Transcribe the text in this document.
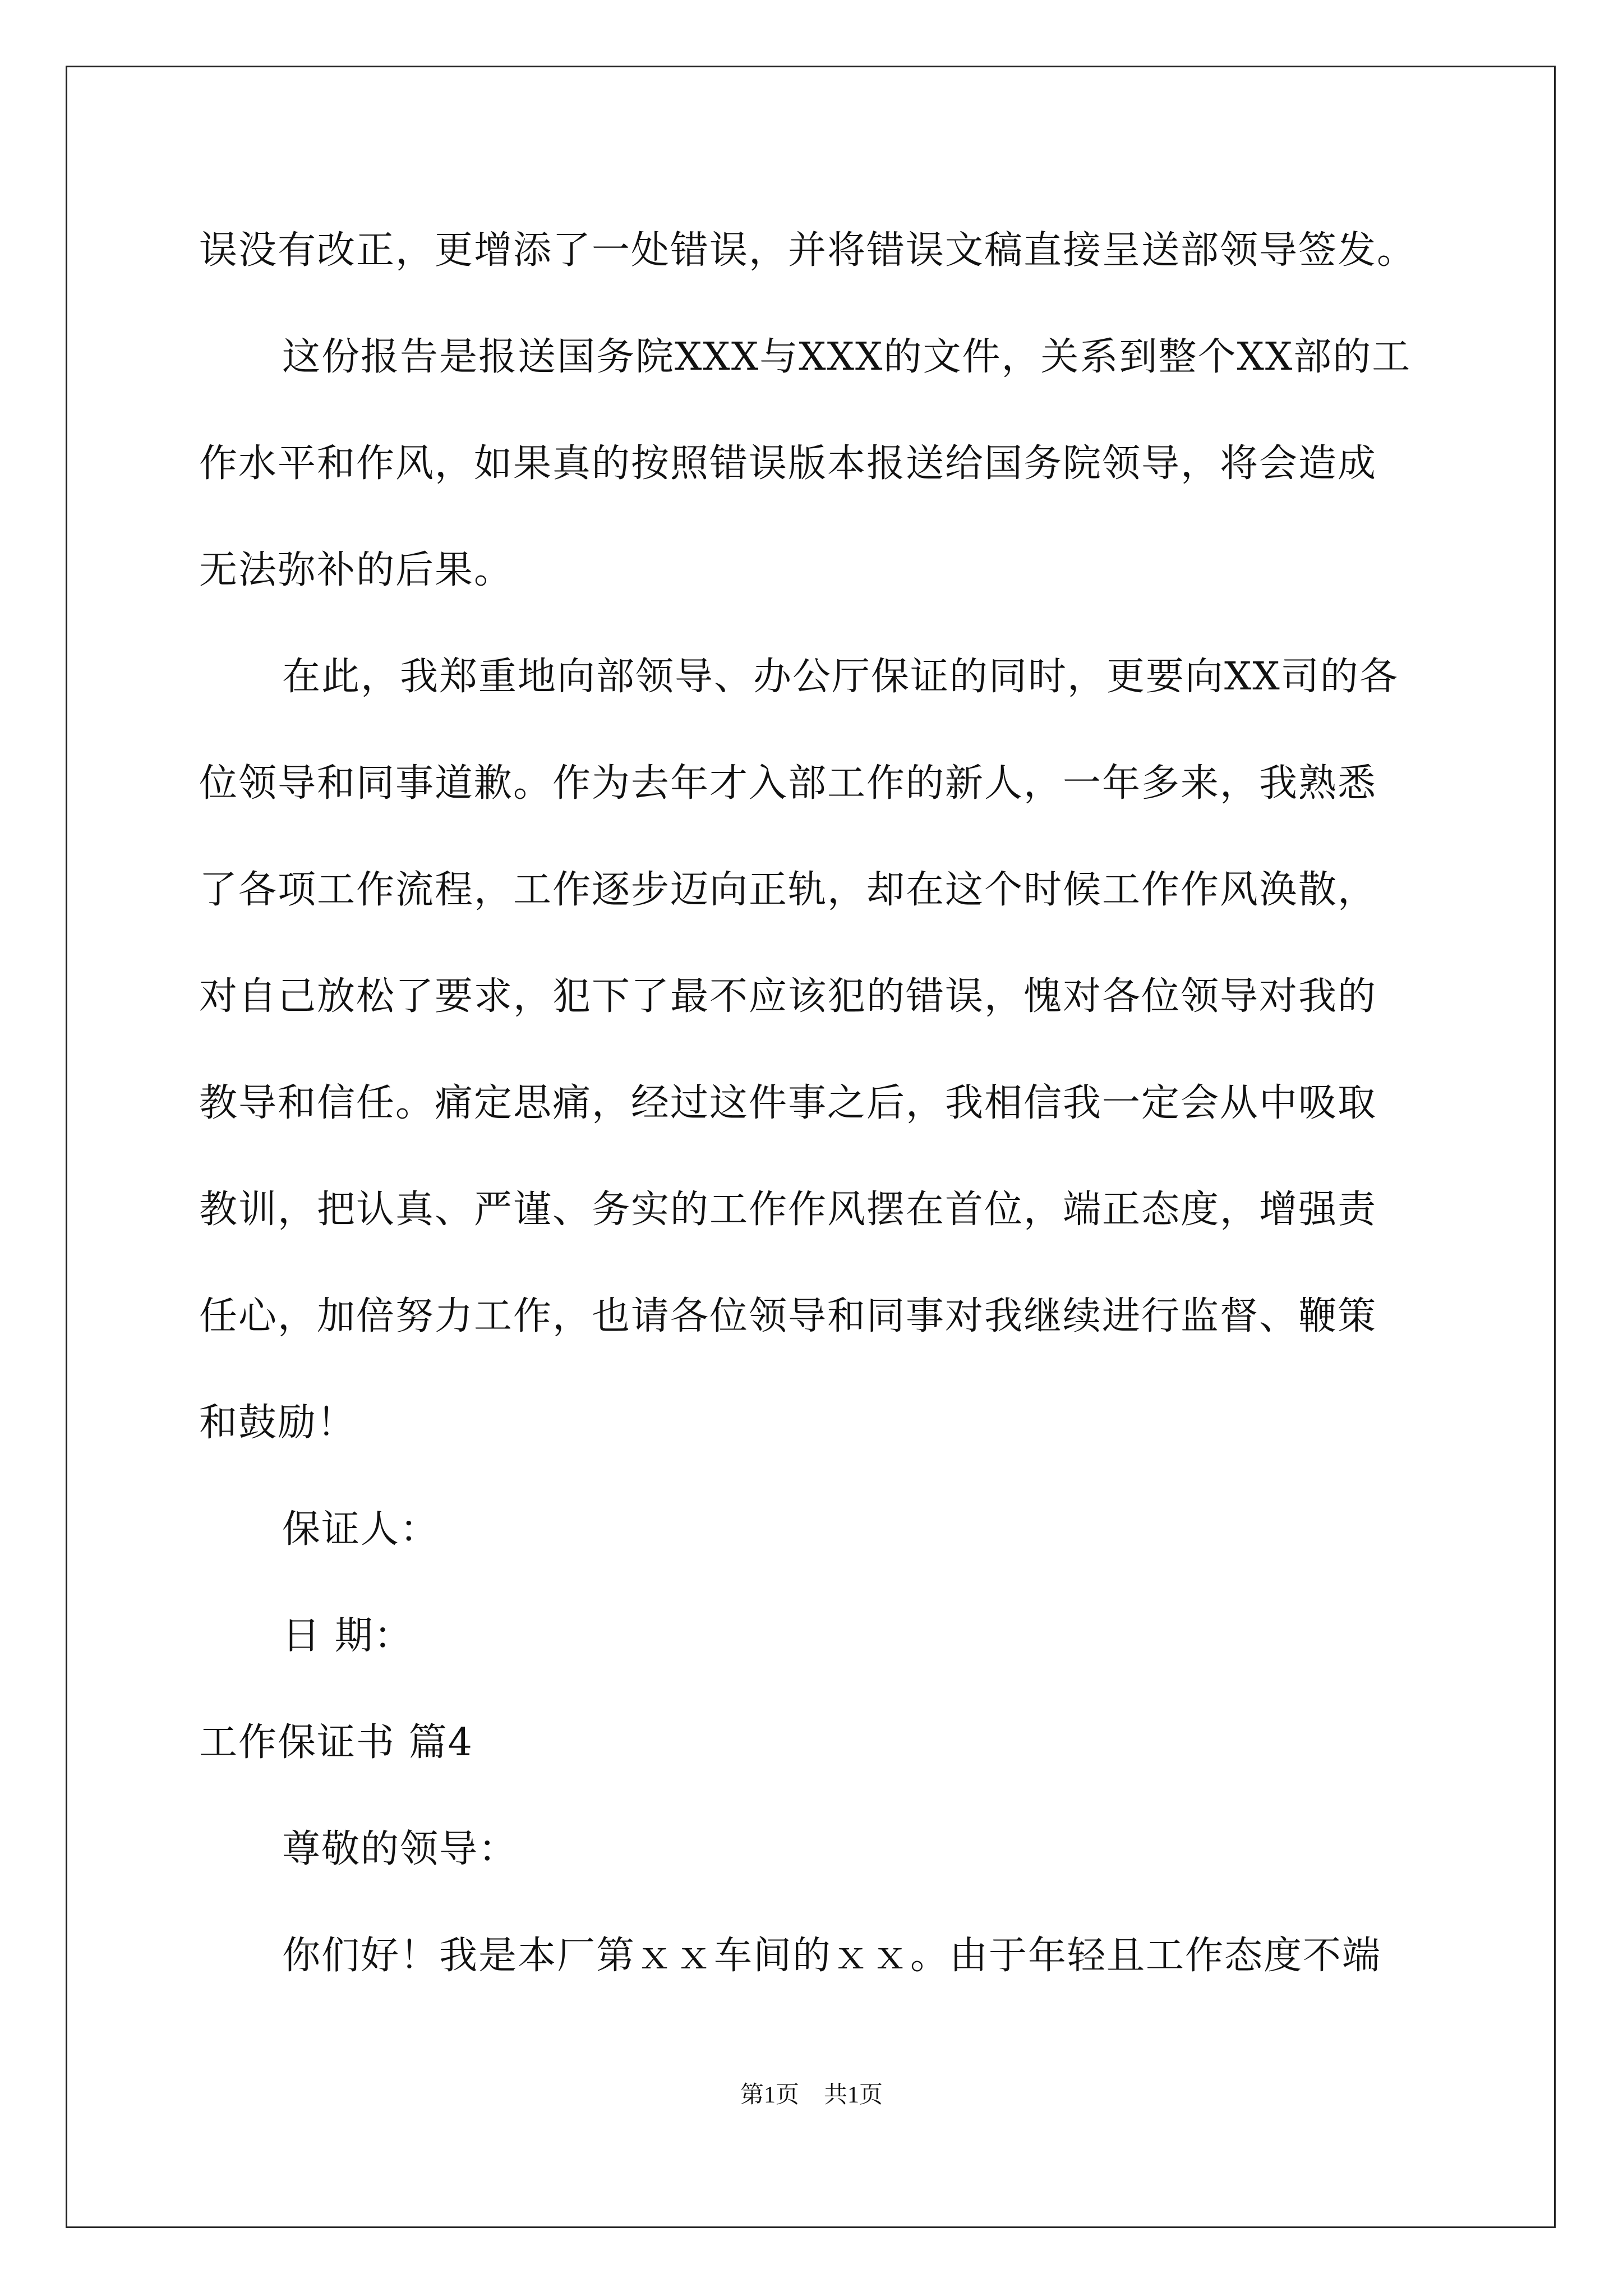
误没有改正，更增添了一处错误，并将错误文稿直接呈送部领导签发。
这份报告是报送国务院XXX与XXX的文件，关系到整个XX部的工
作水平和作风，如果真的按照错误版本报送给国务院领导，将会造成
无法弥补的后果。
在此，我郑重地向部领导、办公厅保证的同时，更要向XX司的各
位领导和同事道歉。作为去年才入部工作的新人，一年多来，我熟悉
了各项工作流程，工作逐步迈向正轨，却在这个时候工作作风涣散，
对自己放松了要求，犯下了最不应该犯的错误，愧对各位领导对我的
教导和信任。痛定思痛，经过这件事之后，我相信我一定会从中吸取
教训，把认真、严谨、务实的工作作风摆在首位，端正态度，增强责
任心，加倍努力工作，也请各位领导和同事对我继续进行监督、鞭策
和鼓励！
保证人：
日 期：
工作保证书 篇4
尊敬的领导：
你们好！我是本厂第ｘｘ车间的ｘｘ。由于年轻且工作态度不端
第1页 共1页
